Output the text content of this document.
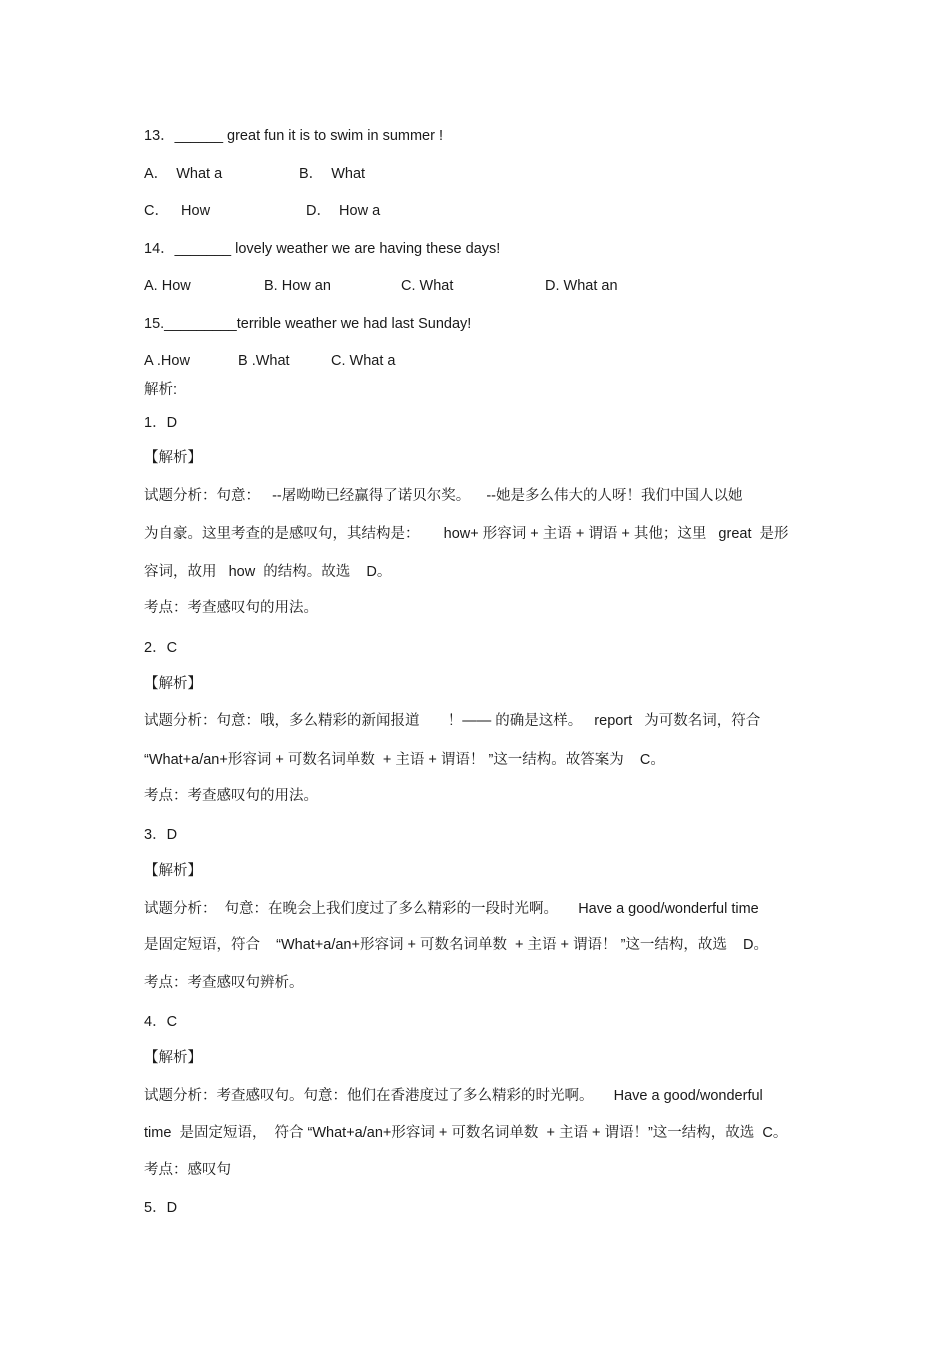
13．______ great fun it is to swim in summer !
A．  What a	B．  What
C．   How	D．  How a
14．_______ lovely weather we are having these days!
A. How	B. How an	C. What	D. What an
15._________terrible weather we had last Sunday!
A .How	B .What	C. What a
解析:
1．D
【解析】
试题分析：句意：   --屠呦呦已经赢得了诺贝尔奖。    --她是多么伟大的人呀！我们中国人以她
为自豪。这里考查的是感叹句，其结构是：      how+ 形容词 + 主语 + 谓语 + 其他；这里   great  是形
容词，故用   how  的结构。故选    D。
考点：考查感叹句的用法。
2．C
【解析】
试题分析：句意：哦，多么精彩的新闻报道       ！—— 的确是这样。   report   为可数名词，符合
“What+a/an+形容词 + 可数名词单数  + 主语 + 谓语！ ”这一结构。故答案为    C。
考点：考查感叹句的用法。
3．D
【解析】
试题分析：  句意：在晚会上我们度过了多么精彩的一段时光啊。     Have a good/wonderful time
是固定短语，符合    “What+a/an+形容词 + 可数名词单数  + 主语 + 谓语！ ”这一结构，故选    D。
考点：考查感叹句辨析。
4．C
【解析】
试题分析：考查感叹句。句意：他们在香港度过了多么精彩的时光啊。     Have a good/wonderful
time  是固定短语，  符合 “What+a/an+形容词 + 可数名词单数  + 主语 + 谓语！”这一结构，故选  C。
考点：感叹句
5．D
